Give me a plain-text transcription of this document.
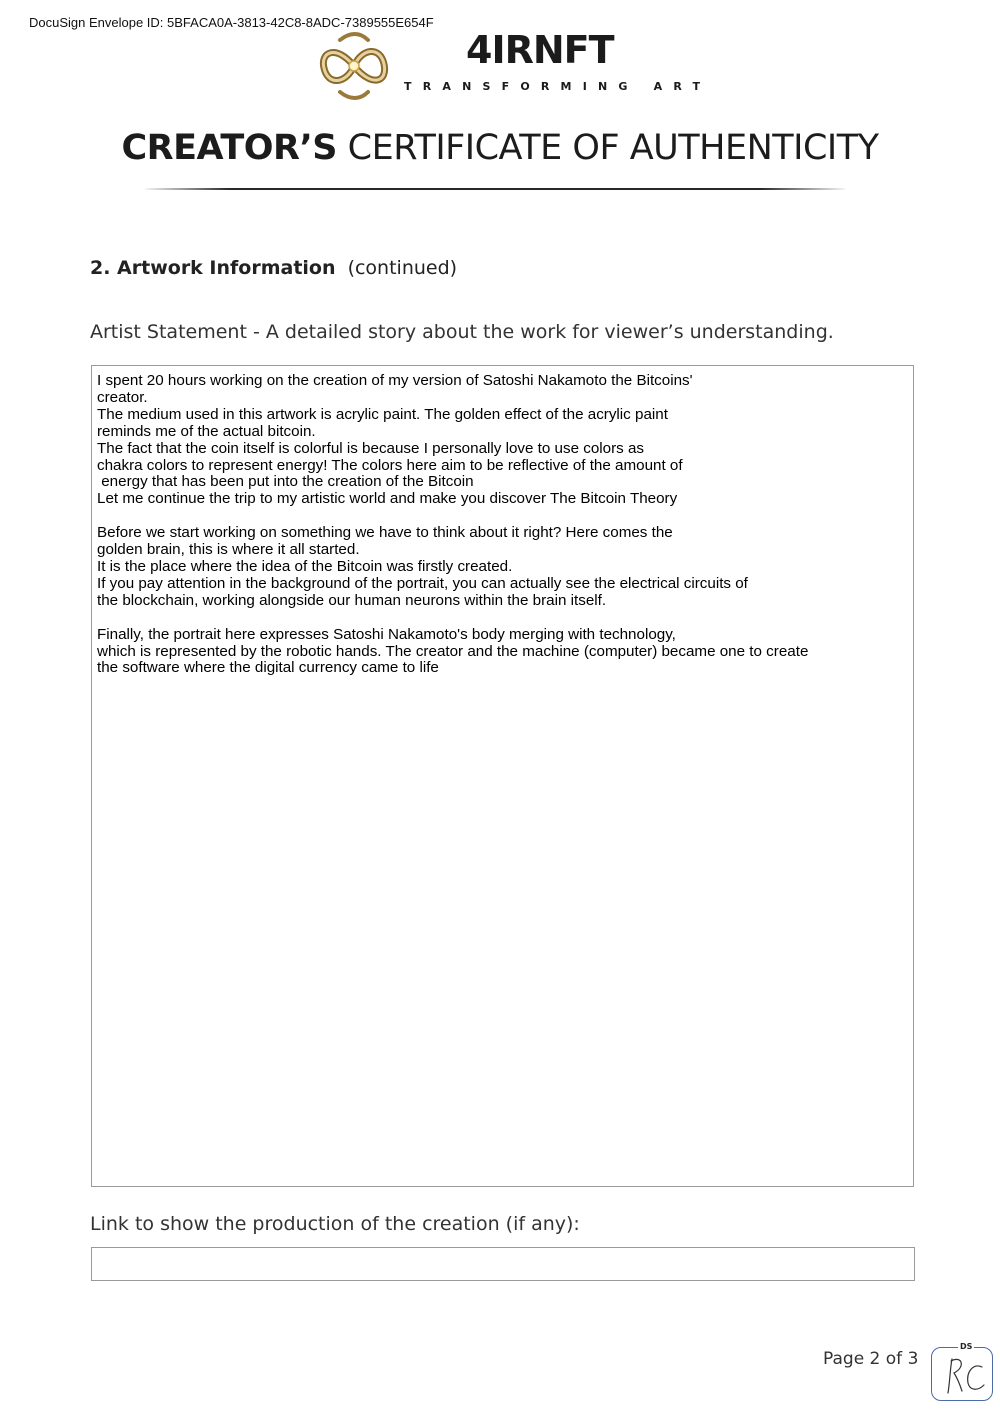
DocuSign Envelope ID: 5BFACA0A-3813-42C8-8ADC-7389555E654F
4IRNFT
TRANSFORMING ART
CREATOR’S CERTIFICATE OF AUTHENTICITY
2. Artwork Information (continued)
Artist Statement - A detailed story about the work for viewer’s understanding.
I spent 20 hours working on the creation of my version of Satoshi Nakamoto the Bitcoins'
creator.
The medium used in this artwork is acrylic paint. The golden effect of the acrylic paint
reminds me of the actual bitcoin.
The fact that the coin itself is colorful is because I personally love to use colors as
chakra colors to represent energy! The colors here aim to be reflective of the amount of
energy that has been put into the creation of the Bitcoin
Let me continue the trip to my artistic world and make you discover The Bitcoin Theory

Before we start working on something we have to think about it right? Here comes the
golden brain, this is where it all started.
It is the place where the idea of the Bitcoin was firstly created.
If you pay attention in the background of the portrait, you can actually see the electrical circuits of
the blockchain, working alongside our human neurons within the brain itself.

Finally, the portrait here expresses Satoshi Nakamoto's body merging with technology,
which is represented by the robotic hands. The creator and the machine (computer) became one to create
the software where the digital currency came to life
Link to show the production of the creation (if any):
Page 2 of 3
DS
